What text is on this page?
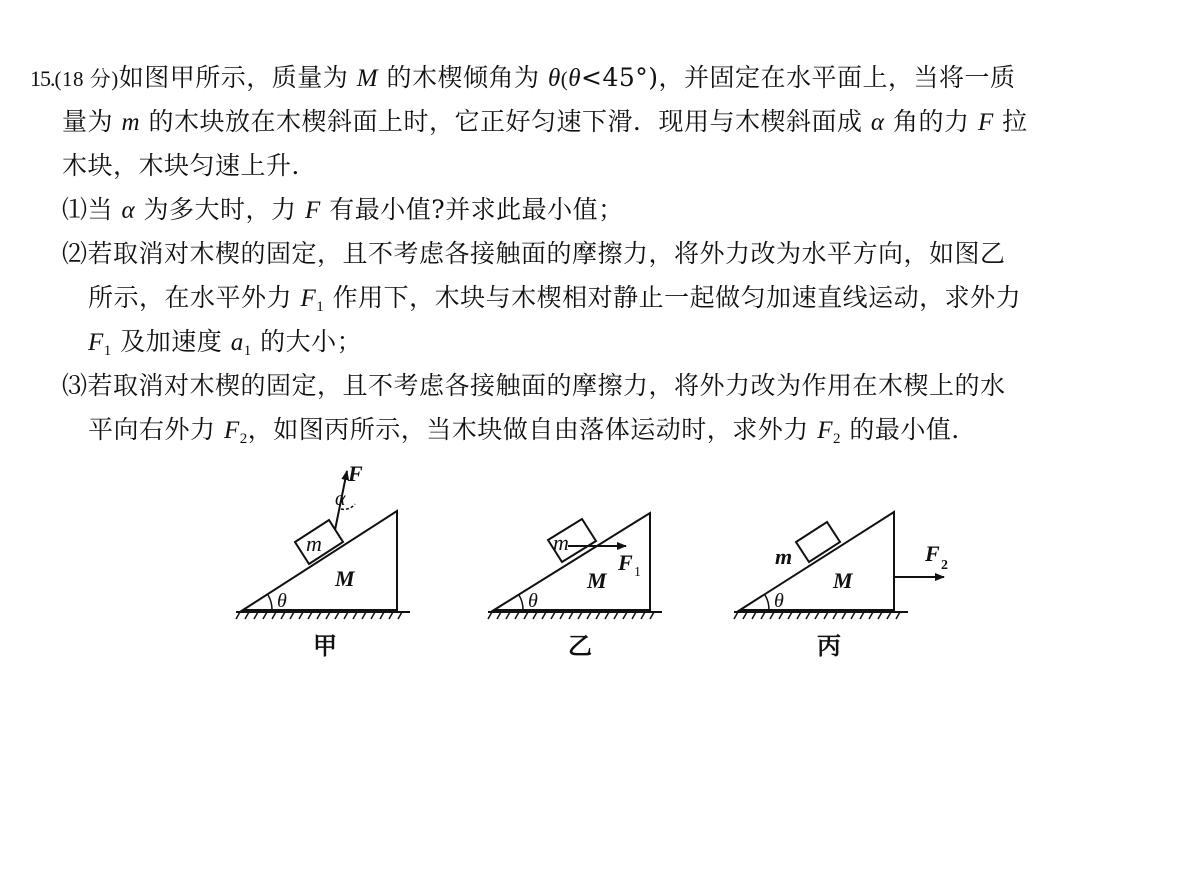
15.(18 分)如图甲所示，质量为 M 的木楔倾角为 θ(θ<45°)，并固定在水平面上，当将一质
量为 m 的木块放在木楔斜面上时，它正好匀速下滑．现用与木楔斜面成 α 角的力 F 拉
木块，木块匀速上升．
⑴当 α 为多大时，力 F 有最小值?并求此最小值；
⑵若取消对木楔的固定，且不考虑各接触面的摩擦力，将外力改为水平方向，如图乙
所示，在水平外力 $F_1$ 作用下，木块与木楔相对静止一起做匀加速直线运动，求外力
$F_1$ 及加速度 $a_1$ 的大小；
⑶若取消对木楔的固定，且不考虑各接触面的摩擦力，将外力改为作用在木楔上的水
平向右外力 $F_2$，如图丙所示，当木块做自由落体运动时，求外力 $F_2$ 的最小值．
m
M
θ
F
α
甲
m
M
θ
F 1
乙
m
M
θ
F 2
丙
